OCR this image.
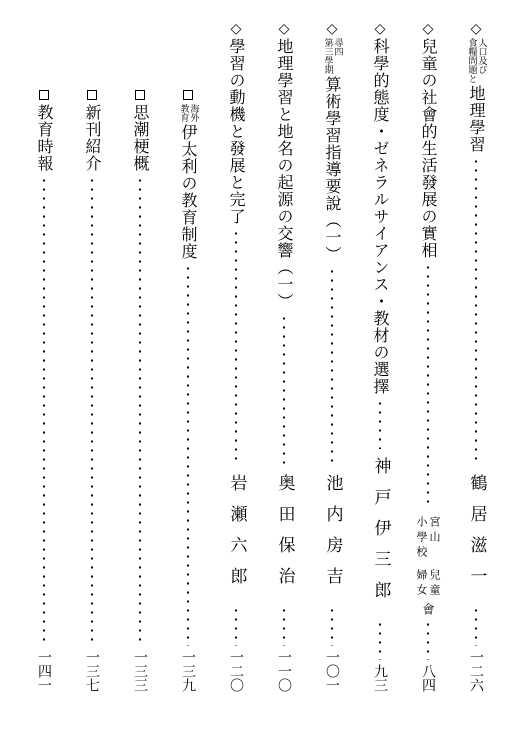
◇
人口及び
食糧問題と
地理學習
鶴居滋一
一二六
◇
兒童の社會的生活發展の實相
宮山
小學校
兒童
婦女
會
八四
◇
科學的態度・ゼネラルサイアンス・教材の選擇
神戸伊三郎
九三
◇
尋四
第三學期
算術學習指導要說（一）
池内房吉
一〇一
◇
地理學習と地名の起源の交響（一）
奥田保治
一一〇
◇
學習の動機と發展と完了
岩瀬六郎
一二〇
海外
教育
伊太利の教育制度
一三九
思潮梗概
一三三
新刊紹介
一三七
教育時報
一四一
